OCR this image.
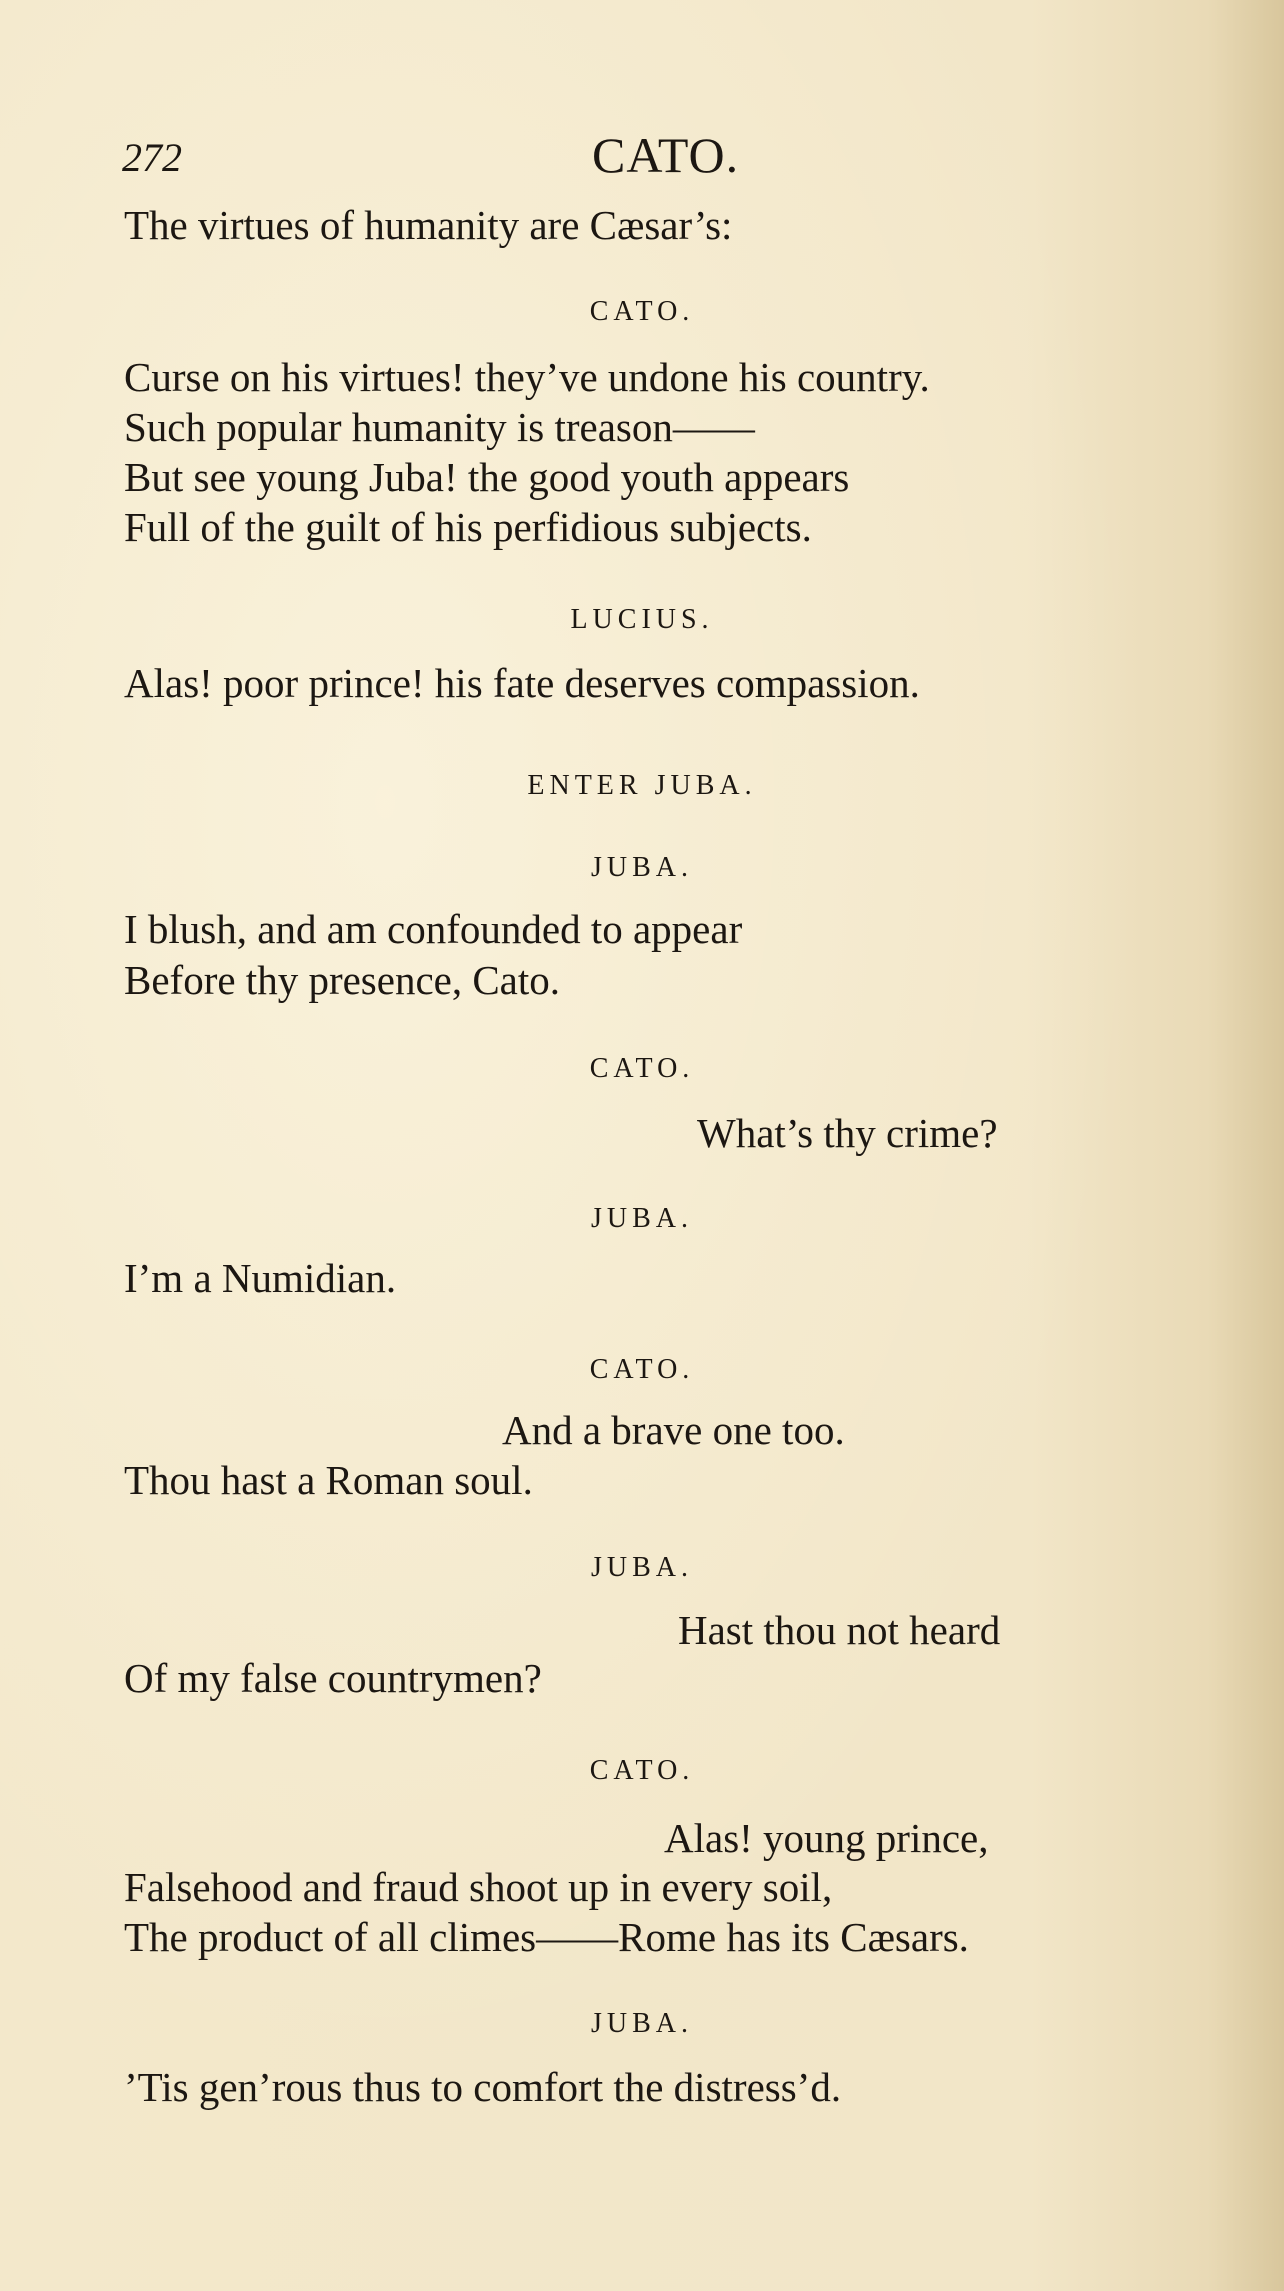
272	CATO.
The virtues of humanity are Cæsar’s:
CATO.
Curse on his virtues! they’ve undone his country.
Such popular humanity is treason——
But see young Juba! the good youth appears
Full of the guilt of his perfidious subjects.
LUCIUS.
Alas! poor prince! his fate deserves compassion.
ENTER JUBA.
JUBA.
I blush, and am confounded to appear
Before thy presence, Cato.
CATO.
What’s thy crime?
JUBA.
I’m a Numidian.
CATO.
And a brave one too.
Thou hast a Roman soul.
JUBA.
Hast thou not heard
Of my false countrymen?
CATO.
Alas! young prince,
Falsehood and fraud shoot up in every soil,
The product of all climes——Rome has its Cæsars.
JUBA.
’Tis gen’rous thus to comfort the distress’d.
